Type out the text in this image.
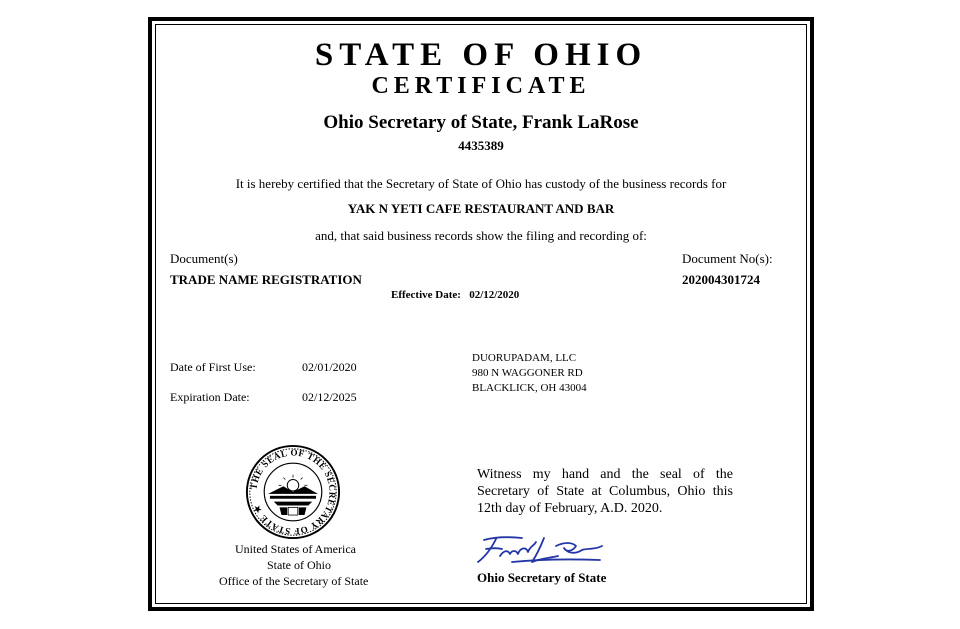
STATE OF OHIO
CERTIFICATE
Ohio Secretary of State, Frank LaRose
4435389
It is hereby certified that the Secretary of State of Ohio has custody of the business records for
YAK N YETI CAFE RESTAURANT AND BAR
and, that said business records show the filing and recording of:
Document(s)	Document No(s):
TRADE NAME REGISTRATION	202004301724
Effective Date: 02/12/2020
Date of First Use:	02/01/2020
Expiration Date:	02/12/2025
DUORUPADAM, LLC
980 N WAGGONER RD
BLACKLICK, OH 43004
THE SEAL OF THE SECRETARY OF STATE ★
United States of America
State of Ohio
Office of the Secretary of State
Witness my hand and the seal of the Secretary of State at Columbus, Ohio this 12th day of February, A.D. 2020.
Ohio Secretary of State
